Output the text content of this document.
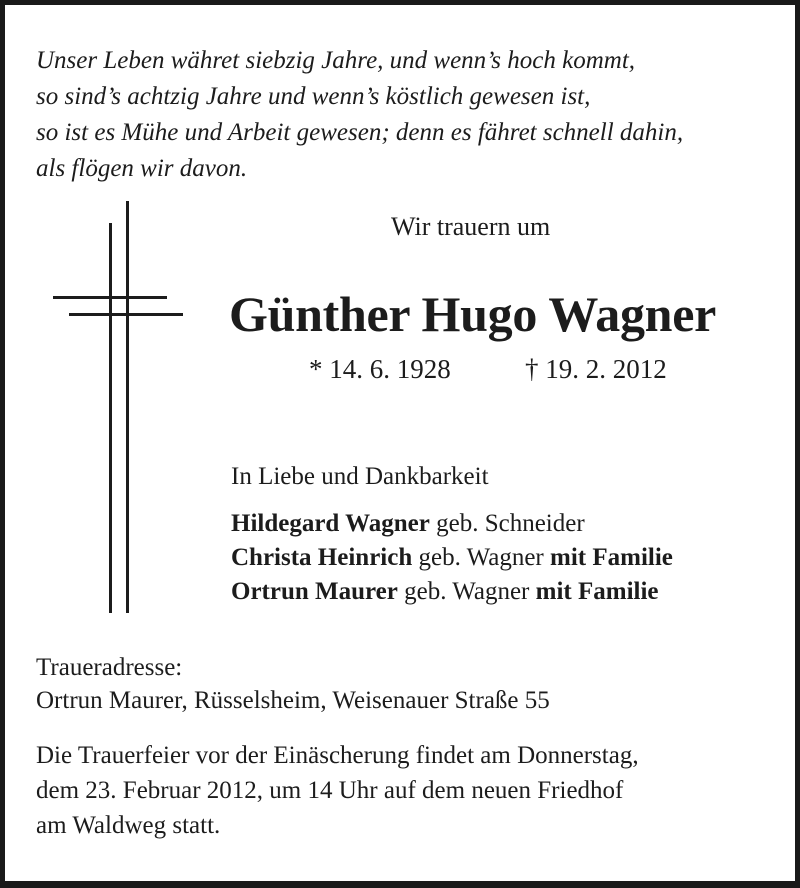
Unser Leben währet siebzig Jahre, und wenn’s hoch kommt,
so sind’s achtzig Jahre und wenn’s köstlich gewesen ist,
so ist es Mühe und Arbeit gewesen; denn es fähret schnell dahin,
als flögen wir davon.
Wir trauern um
Günther Hugo Wagner
* 14. 6. 1928	† 19. 2. 2012
In Liebe und Dankbarkeit
Hildegard Wagner geb. Schneider
Christa Heinrich geb. Wagner mit Familie
Ortrun Maurer geb. Wagner mit Familie
Traueradresse:
Ortrun Maurer, Rüsselsheim, Weisenauer Straße 55
Die Trauerfeier vor der Einäscherung findet am Donnerstag,
dem 23. Februar 2012, um 14 Uhr auf dem neuen Friedhof
am Waldweg statt.
